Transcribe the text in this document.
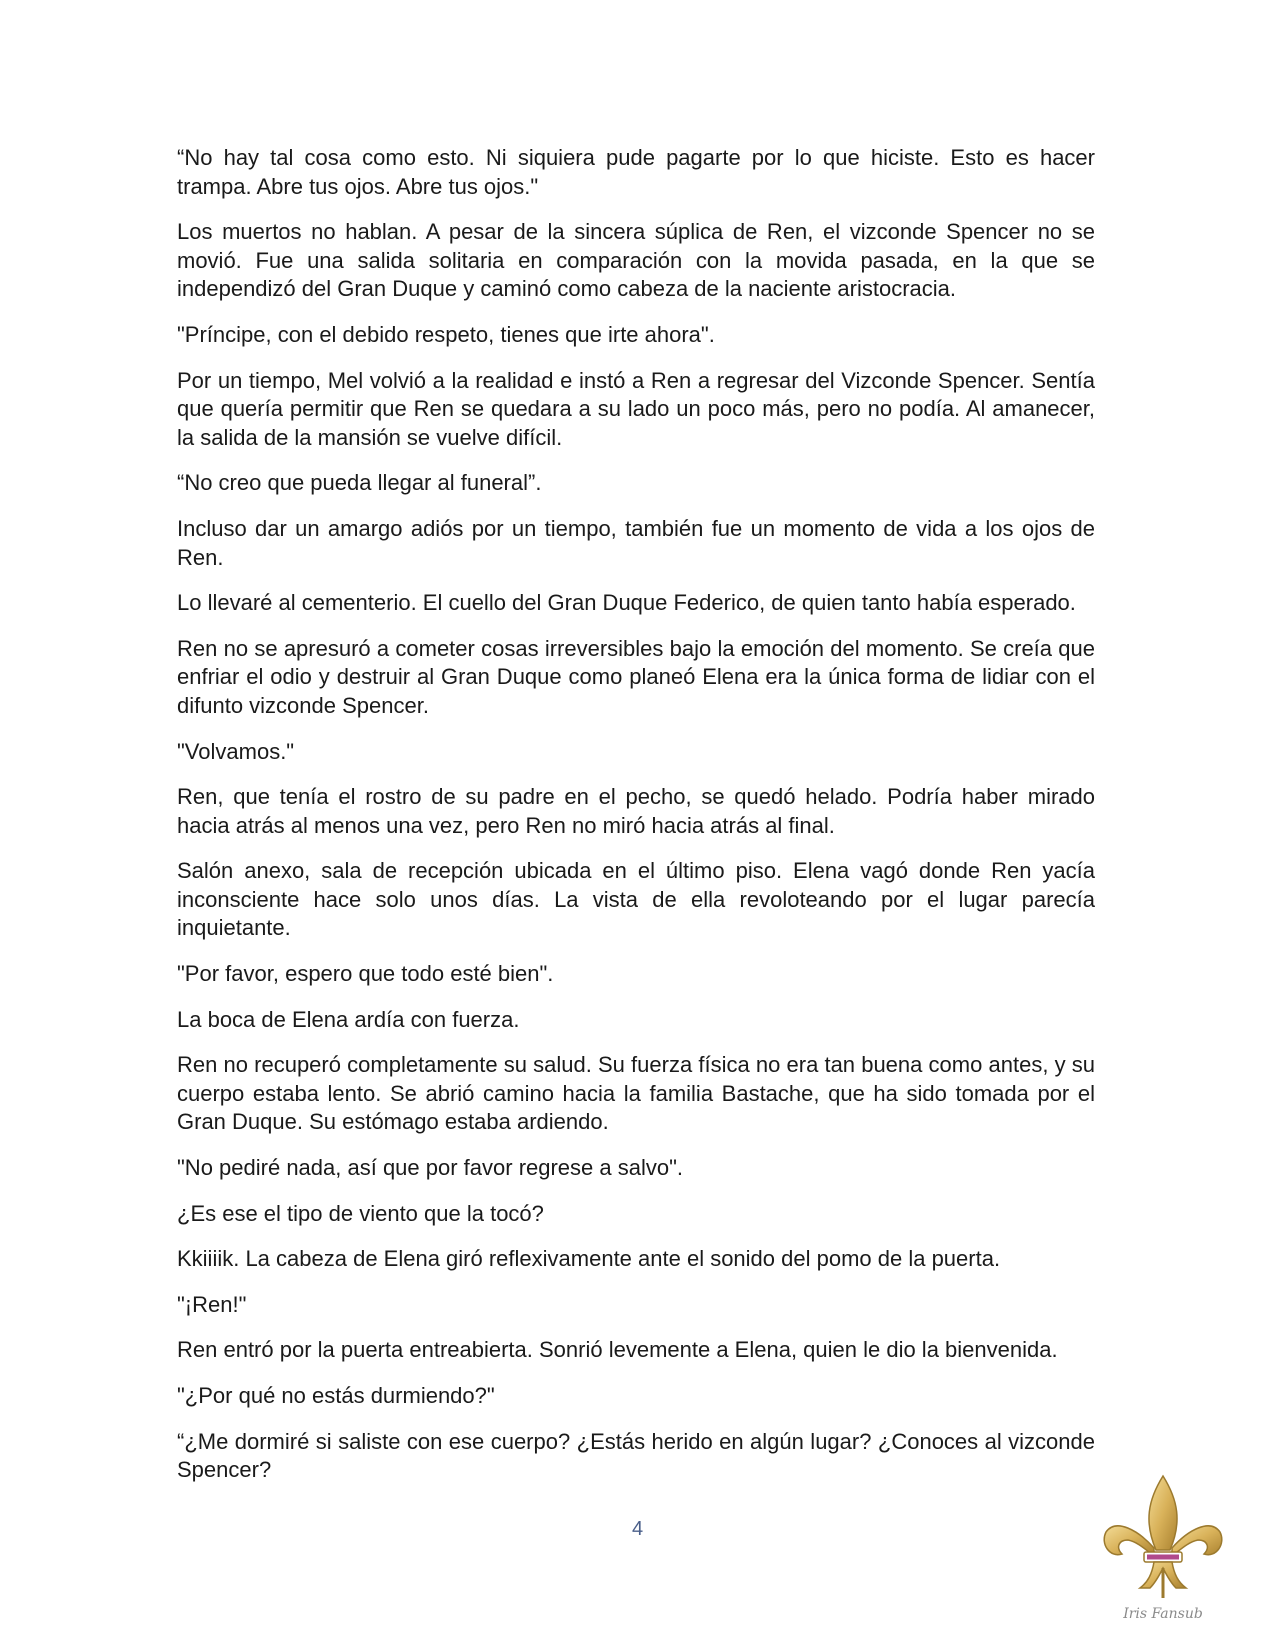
“No hay tal cosa como esto. Ni siquiera pude pagarte por lo que hiciste. Esto es hacer trampa. Abre tus ojos. Abre tus ojos."

Los muertos no hablan. A pesar de la sincera súplica de Ren, el vizconde Spencer no se movió. Fue una salida solitaria en comparación con la movida pasada, en la que se independizó del Gran Duque y caminó como cabeza de la naciente aristocracia.

"Príncipe, con el debido respeto, tienes que irte ahora".

Por un tiempo, Mel volvió a la realidad e instó a Ren a regresar del Vizconde Spencer. Sentía que quería permitir que Ren se quedara a su lado un poco más, pero no podía. Al amanecer, la salida de la mansión se vuelve difícil.

“No creo que pueda llegar al funeral”.

Incluso dar un amargo adiós por un tiempo, también fue un momento de vida a los ojos de Ren.

Lo llevaré al cementerio. El cuello del Gran Duque Federico, de quien tanto había esperado.

Ren no se apresuró a cometer cosas irreversibles bajo la emoción del momento. Se creía que enfriar el odio y destruir al Gran Duque como planeó Elena era la única forma de lidiar con el difunto vizconde Spencer.

"Volvamos."

Ren, que tenía el rostro de su padre en el pecho, se quedó helado. Podría haber mirado hacia atrás al menos una vez, pero Ren no miró hacia atrás al final.

Salón anexo, sala de recepción ubicada en el último piso. Elena vagó donde Ren yacía inconsciente hace solo unos días. La vista de ella revoloteando por el lugar parecía inquietante.

"Por favor, espero que todo esté bien".

La boca de Elena ardía con fuerza.

Ren no recuperó completamente su salud. Su fuerza física no era tan buena como antes, y su cuerpo estaba lento. Se abrió camino hacia la familia Bastache, que ha sido tomada por el Gran Duque. Su estómago estaba ardiendo.

"No pediré nada, así que por favor regrese a salvo".

¿Es ese el tipo de viento que la tocó?

Kkiiiik. La cabeza de Elena giró reflexivamente ante el sonido del pomo de la puerta.

"¡Ren!"

Ren entró por la puerta entreabierta. Sonrió levemente a Elena, quien le dio la bienvenida.

"¿Por qué no estás durmiendo?"

“¿Me dormiré si saliste con ese cuerpo? ¿Estás herido en algún lugar? ¿Conoces al vizconde Spencer?

4
Iris Fansub
